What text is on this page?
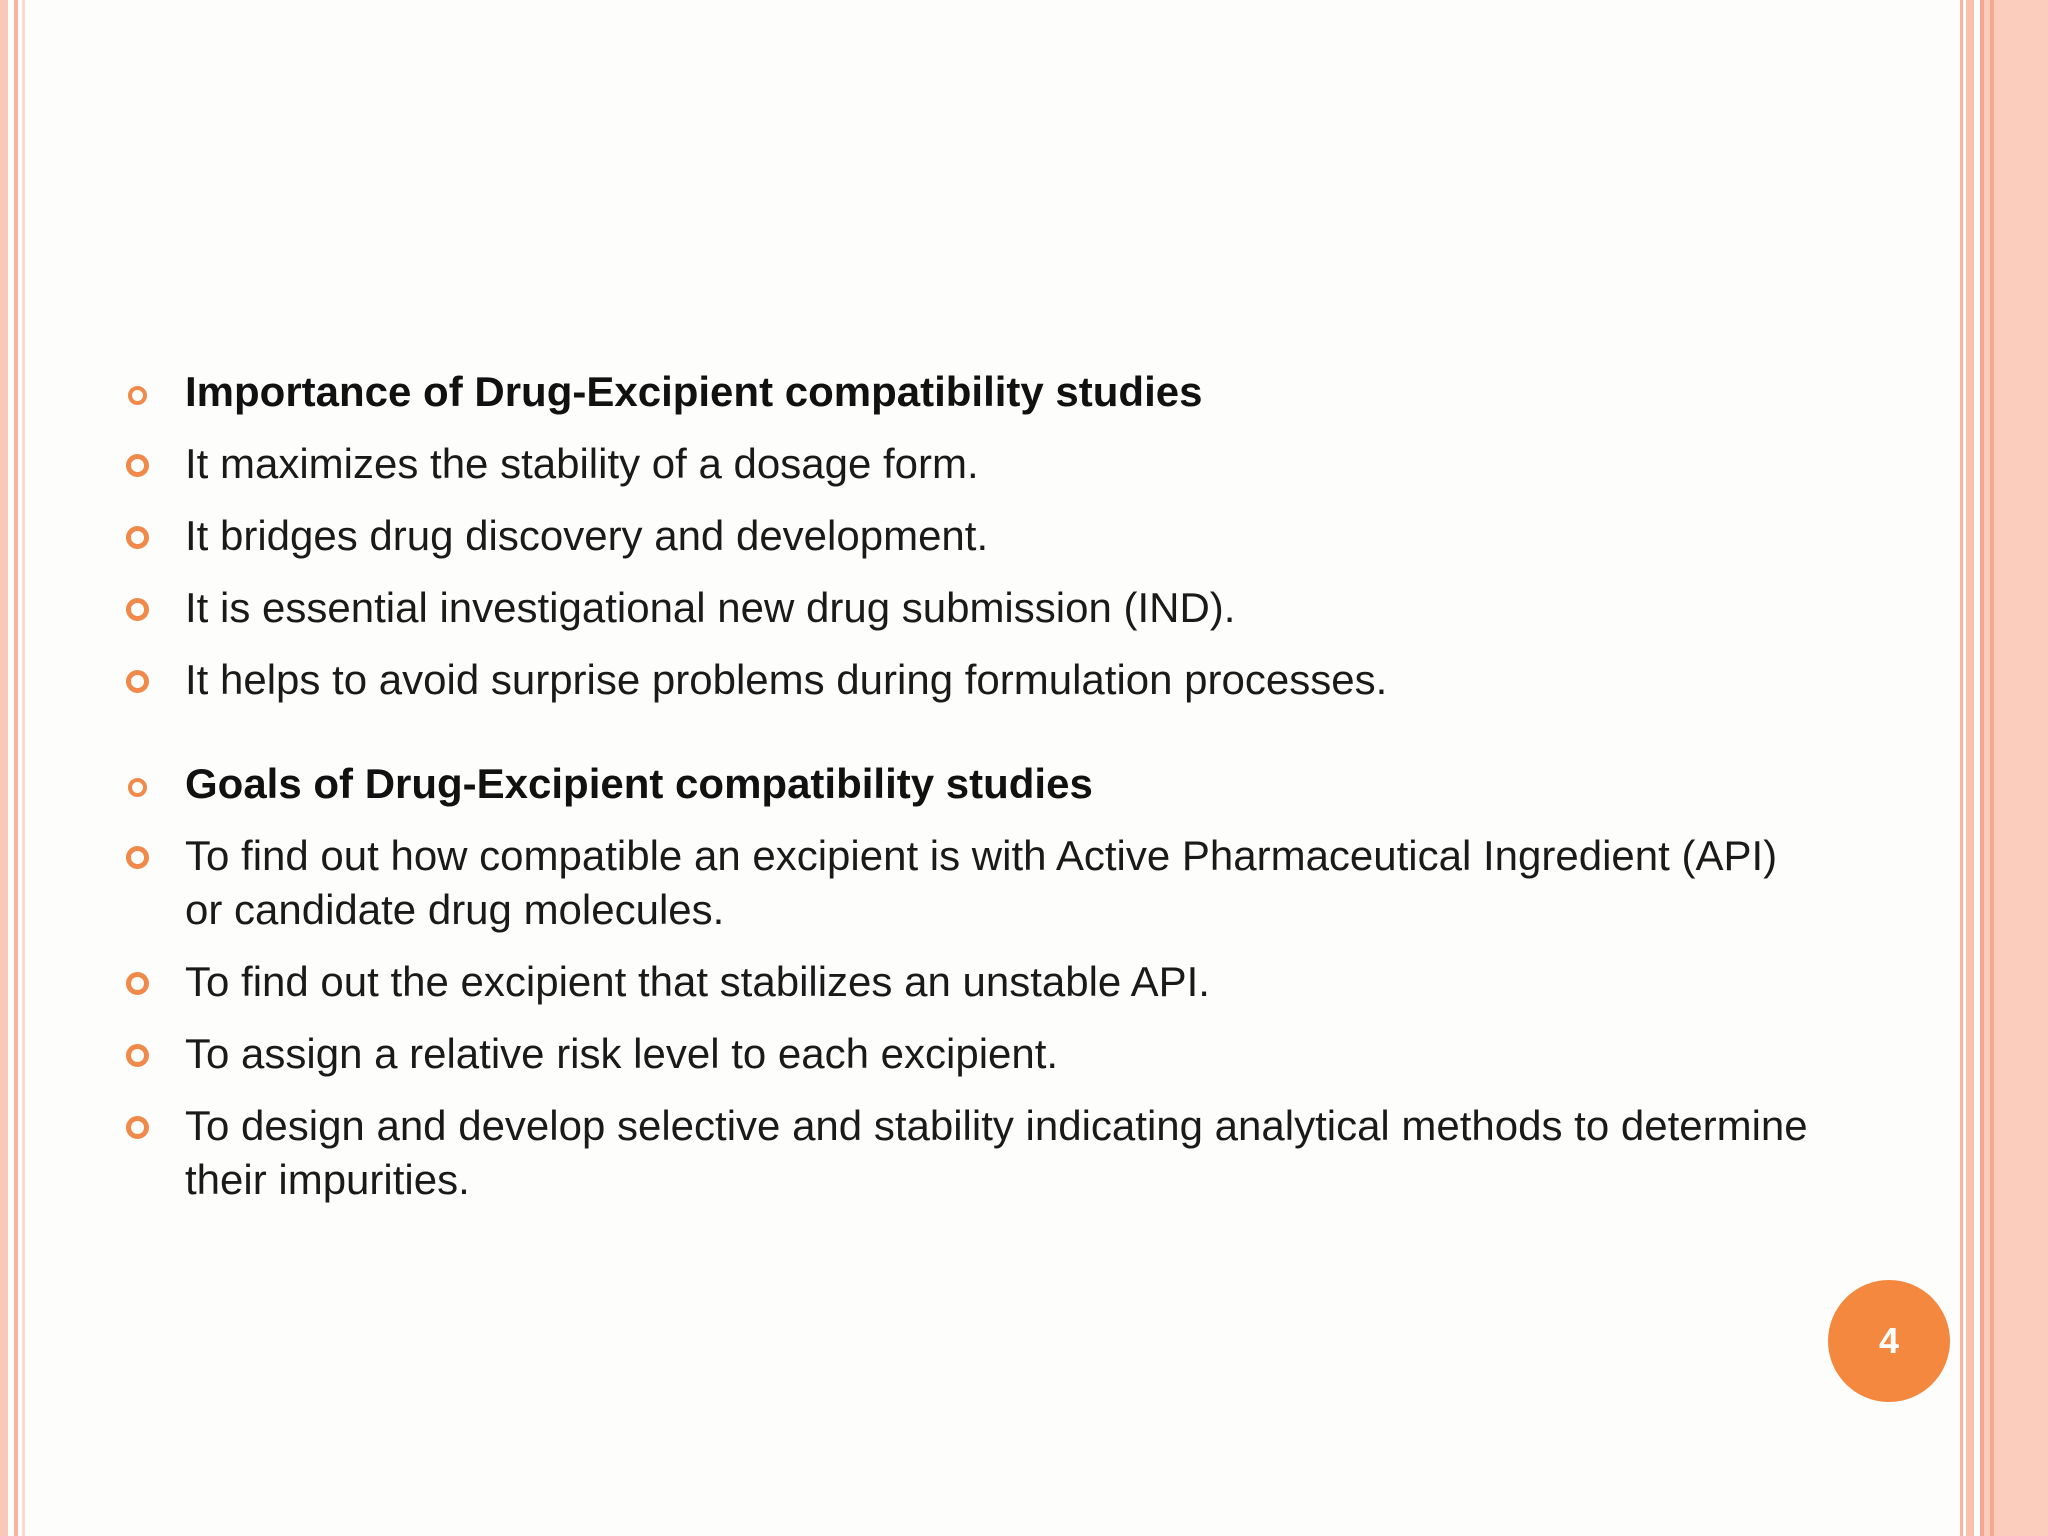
Importance of Drug-Excipient compatibility studies
It maximizes the stability of a dosage form.
It bridges drug discovery and development.
It is essential investigational new drug submission (IND).
It helps to avoid surprise problems during formulation processes.
Goals of Drug-Excipient compatibility studies
To find out how compatible an excipient is with Active Pharmaceutical Ingredient (API) or candidate drug molecules.
To find out the excipient that stabilizes an unstable API.
To assign a relative risk level to each excipient.
To design and develop selective and stability indicating analytical methods to determine their impurities.
4
